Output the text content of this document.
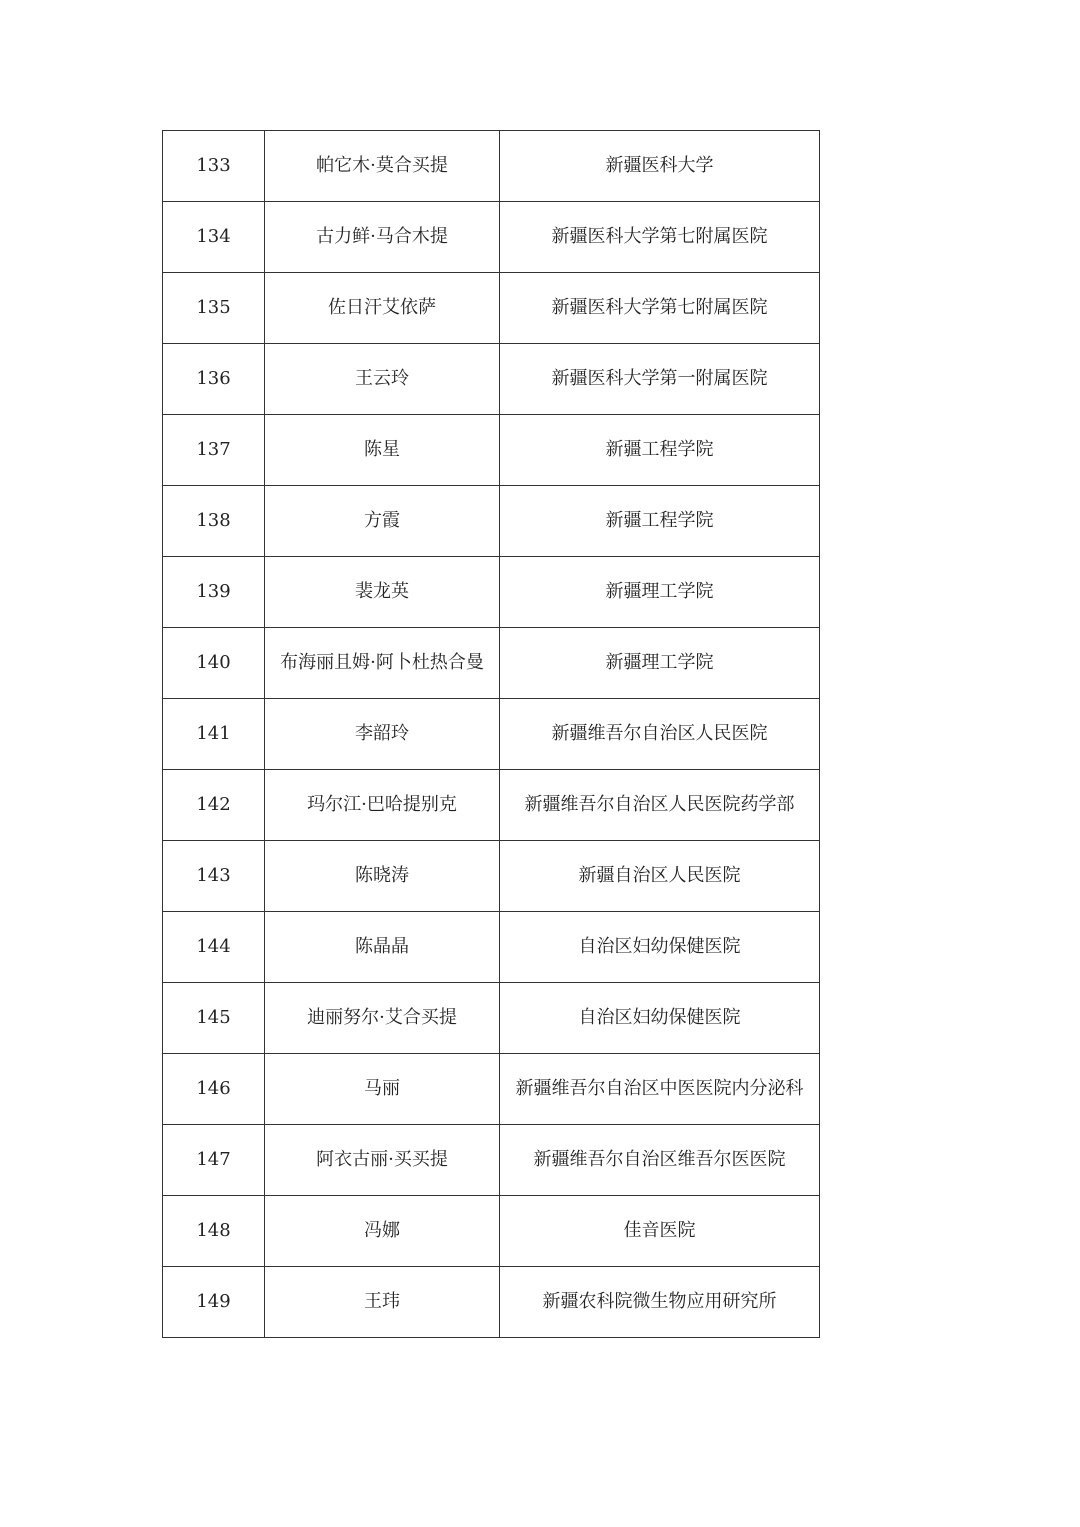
133	帕它木·莫合买提	新疆医科大学
134	古力鲜·马合木提	新疆医科大学第七附属医院
135	佐日汗艾依萨	新疆医科大学第七附属医院
136	王云玲	新疆医科大学第一附属医院
137	陈星	新疆工程学院
138	方霞	新疆工程学院
139	裴龙英	新疆理工学院
140	布海丽且姆·阿卜杜热合曼	新疆理工学院
141	李韶玲	新疆维吾尔自治区人民医院
142	玛尔江·巴哈提别克	新疆维吾尔自治区人民医院药学部
143	陈晓涛	新疆自治区人民医院
144	陈晶晶	自治区妇幼保健医院
145	迪丽努尔·艾合买提	自治区妇幼保健医院
146	马丽	新疆维吾尔自治区中医医院内分泌科
147	阿衣古丽·买买提	新疆维吾尔自治区维吾尔医医院
148	冯娜	佳音医院
149	王玮	新疆农科院微生物应用研究所
